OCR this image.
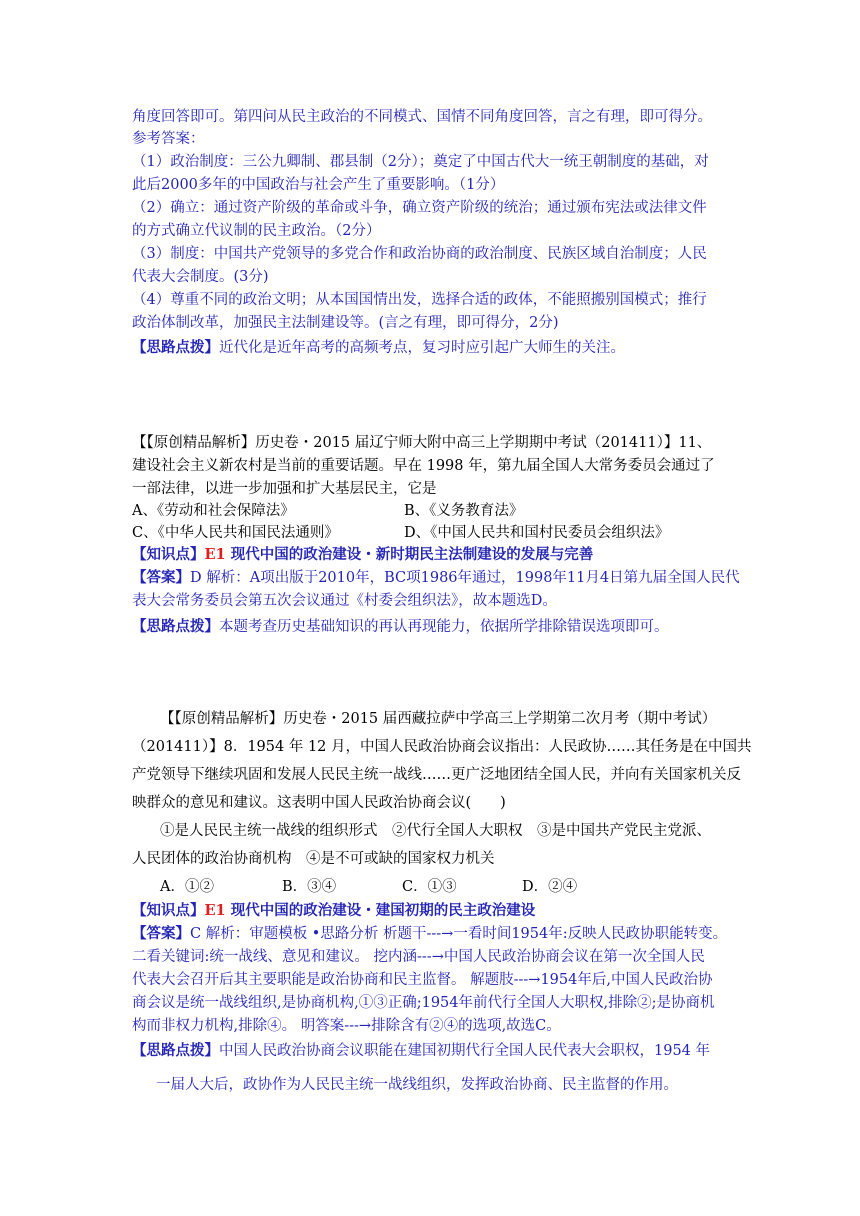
角度回答即可。第四问从民主政治的不同模式、国情不同角度回答，言之有理，即可得分。
参考答案：
（1）政治制度：三公九卿制、郡县制（2分）；奠定了中国古代大一统王朝制度的基础，对
此后2000多年的中国政治与社会产生了重要影响。（1分）
（2）确立：通过资产阶级的革命或斗争，确立资产阶级的统治；通过颁布宪法或法律文件
的方式确立代议制的民主政治。（2分）
（3）制度：中国共产党领导的多党合作和政治协商的政治制度、民族区域自治制度；人民
代表大会制度。(3分)
（4）尊重不同的政治文明；从本国国情出发，选择合适的政体，不能照搬别国模式；推行
政治体制改革，加强民主法制建设等。(言之有理，即可得分，2分)
【思路点拨】近代化是近年高考的高频考点，复习时应引起广大师生的关注。
【【原创精品解析】历史卷・2015 届辽宁师大附中高三上学期期中考试（201411）】11、
建设社会主义新农村是当前的重要话题。早在 1998 年，第九届全国人大常务委员会通过了
一部法律，以进一步加强和扩大基层民主，它是
A、《劳动和社会保障法》	B、《义务教育法》
C、《中华人民共和国民法通则》	D、《中国人民共和国村民委员会组织法》
【知识点】E1 现代中国的政治建设・新时期民主法制建设的发展与完善
【答案】D 解析：A项出版于2010年，BC项1986年通过，1998年11月4日第九届全国人民代
表大会常务委员会第五次会议通过《村委会组织法》，故本题选D。
【思路点拨】本题考查历史基础知识的再认再现能力，依据所学排除错误选项即可。
【【原创精品解析】历史卷・2015 届西藏拉萨中学高三上学期第二次月考（期中考试）
（201411）】8．1954 年 12 月，中国人民政治协商会议指出：人民政协……其任务是在中国共
产党领导下继续巩固和发展人民民主统一战线……更广泛地团结全国人民，并向有关国家机关反
映群众的意见和建议。这表明中国人民政治协商会议(　　)
①是人民民主统一战线的组织形式　②代行全国人大职权　③是中国共产党民主党派、
人民团体的政治协商机构　④是不可或缺的国家权力机关
A．①②	B．③④	C．①③	D．②④
【知识点】E1 现代中国的政治建设・建国初期的民主政治建设
【答案】C 解析：审题模板 •思路分析 析题干---→一看时间1954年:反映人民政协职能转变。
二看关键词:统一战线、意见和建议。 挖内涵---→中国人民政治协商会议在第一次全国人民
代表大会召开后其主要职能是政治协商和民主监督。 解题肢---→1954年后,中国人民政治协
商会议是统一战线组织,是协商机构,①③正确;1954年前代行全国人大职权,排除②;是协商机
构而非权力机构,排除④。 明答案---→排除含有②④的选项,故选C。
【思路点拨】中国人民政治协商会议职能在建国初期代行全国人民代表大会职权，1954 年
一届人大后，政协作为人民民主统一战线组织，发挥政治协商、民主监督的作用。
